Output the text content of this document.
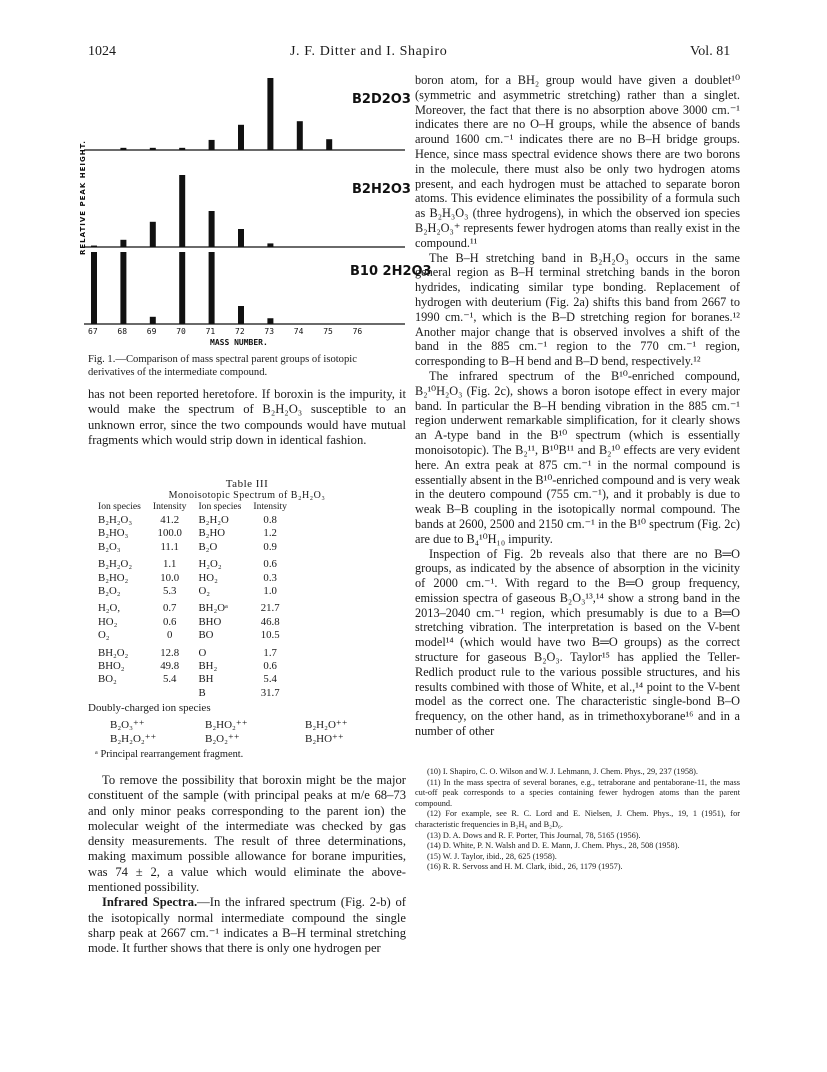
1024	J. F. Ditter and I. Shapiro	Vol. 81
B2D2O3
B2H2O3
B10 2H2O3
67 68 69 70 71 72 73 74 75 76
MASS NUMBER.
RELATIVE PEAK HEIGHT.
Fig. 1.—Comparison of mass spectral parent groups of isotopic derivatives of the intermediate compound.

has not been reported heretofore. If boroxin is the impurity, it would make the spectrum of B₂H₂O₃ susceptible to an unknown error, since the two compounds would have mutual fragments which would strip down in identical fashion.

Table III
Monoisotopic Spectrum of B₂H₂O₃
Ion species	Intensity	Ion species	Intensity
B₂H₂O₃	41.2	B₂H₂O	0.8
B₂HO₃	100.0	B₂HO	1.2
B₂O₃	11.1	B₂O	0.9
B₂H₂O₂	1.1	H₂O₂	0.6
B₂HO₂	10.0	HO₂	0.3
B₂O₂	5.3	O₂	1.0
H₂O,	0.7	BH₂Oᵃ	21.7
HO₂	0.6	BHO	46.8
O₂	0	BO	10.5
BH₂O₂	12.8	O	1.7
BHO₂	49.8	BH₂	0.6
BO₂	5.4	BH	5.4
		B	31.7
Doubly-charged ion species
B₂O₃⁺⁺	B₂HO₂⁺⁺	B₂H₂O⁺⁺
B₂H₂O₂⁺⁺	B₂O₂⁺⁺	B₂HO⁺⁺
ᵃ Principal rearrangement fragment.

To remove the possibility that boroxin might be the major constituent of the sample (with principal peaks at m/e 68–73 and only minor peaks corresponding to the parent ion) the molecular weight of the intermediate was checked by gas density measurements. The result of three determinations, making maximum possible allowance for borane impurities, was 74 ± 2, a value which would eliminate the above-mentioned possibility.

Infrared Spectra.—In the infrared spectrum (Fig. 2-b) of the isotopically normal intermediate compound the single sharp peak at 2667 cm.⁻¹ indicates a B–H terminal stretching mode. It further shows that there is only one hydrogen per

boron atom, for a BH₂ group would have given a doublet¹⁰ (symmetric and asymmetric stretching) rather than a singlet. Moreover, the fact that there is no absorption above 3000 cm.⁻¹ indicates there are no O–H groups, while the absence of bands around 1600 cm.⁻¹ indicates there are no B–H bridge groups. Hence, since mass spectral evidence shows there are two borons in the molecule, there must also be only two hydrogen atoms present, and each hydrogen must be attached to separate boron atoms. This evidence eliminates the possibility of a formula such as B₂H₃O₃ (three hydrogens), in which the observed ion species B₂H₂O₃⁺ represents fewer hydrogen atoms than really exist in the compound.¹¹

The B–H stretching band in B₂H₂O₃ occurs in the same general region as B–H terminal stretching bands in the boron hydrides, indicating similar type bonding. Replacement of hydrogen with deuterium (Fig. 2a) shifts this band from 2667 to 1990 cm.⁻¹, which is the B–D stretching region for boranes.¹² Another major change that is observed involves a shift of the band in the 885 cm.⁻¹ region to the 770 cm.⁻¹ region, corresponding to B–H bend and B–D bend, respectively.¹²

The infrared spectrum of the B¹⁰-enriched compound, B₂¹⁰H₂O₃ (Fig. 2c), shows a boron isotope effect in every major band. In particular the B–H bending vibration in the 885 cm.⁻¹ region underwent remarkable simplification, for it clearly shows an A-type band in the B¹⁰ spectrum (which is essentially monoisotopic). The B₂¹¹, B¹⁰B¹¹ and B₂¹⁰ effects are very evident here. An extra peak at 875 cm.⁻¹ in the normal compound is essentially absent in the B¹⁰-enriched compound and is very weak in the deutero compound (755 cm.⁻¹), and it probably is due to weak B–B coupling in the isotopically normal compound. The bands at 2600, 2500 and 2150 cm.⁻¹ in the B¹⁰ spectrum (Fig. 2c) are due to B₄¹⁰H₁₀ impurity.

Inspection of Fig. 2b reveals also that there are no B═O groups, as indicated by the absence of absorption in the vicinity of 2000 cm.⁻¹. With regard to the B═O group frequency, emission spectra of gaseous B₂O₃¹³,¹⁴ show a strong band in the 2013–2040 cm.⁻¹ region, which presumably is due to a B═O stretching vibration. The interpretation is based on the V-bent model¹⁴ (which would have two B═O groups) as the correct structure for gaseous B₂O₃. Taylor¹⁵ has applied the Teller-Redlich product rule to the various possible structures, and his results combined with those of White, et al.,¹⁴ point to the V-bent model as the correct one. The characteristic single-bond B–O frequency, on the other hand, as in trimethoxyborane¹⁶ and in a number of other

(10) I. Shapiro, C. O. Wilson and W. J. Lehmann, J. Chem. Phys., 29, 237 (1958).
(11) In the mass spectra of several boranes, e.g., tetraborane and pentaborane-11, the mass cut-off peak corresponds to a species containing fewer hydrogen atoms than the parent compound.
(12) For example, see R. C. Lord and E. Nielsen, J. Chem. Phys., 19, 1 (1951), for characteristic frequencies in B₂H₆ and B₂D₆.
(13) D. A. Dows and R. F. Porter, This Journal, 78, 5165 (1956).
(14) D. White, P. N. Walsh and D. E. Mann, J. Chem. Phys., 28, 508 (1958).
(15) W. J. Taylor, ibid., 28, 625 (1958).
(16) R. R. Servoss and H. M. Clark, ibid., 26, 1179 (1957).
